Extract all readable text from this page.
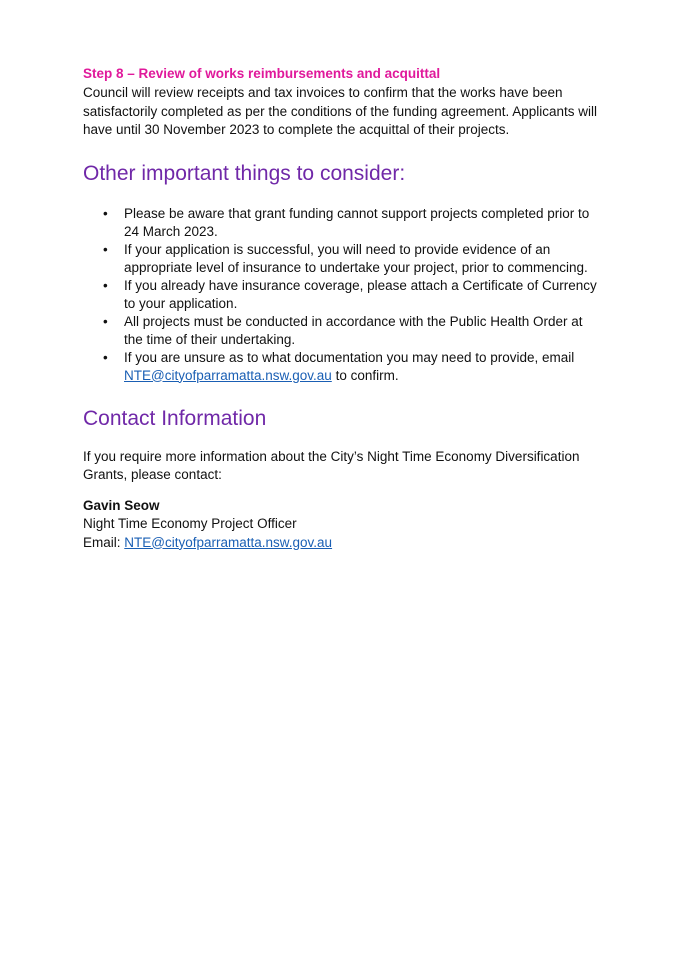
Step 8 – Review of works reimbursements and acquittal

Council will review receipts and tax invoices to confirm that the works have been satisfactorily completed as per the conditions of the funding agreement. Applicants will have until 30 November 2023 to complete the acquittal of their projects.

Other important things to consider:
• Please be aware that grant funding cannot support projects completed prior to 24 March 2023.
• If your application is successful, you will need to provide evidence of an appropriate level of insurance to undertake your project, prior to commencing.
• If you already have insurance coverage, please attach a Certificate of Currency to your application.
• All projects must be conducted in accordance with the Public Health Order at the time of their undertaking.
• If you are unsure as to what documentation you may need to provide, email NTE@cityofparramatta.nsw.gov.au to confirm.
Contact Information

If you require more information about the City’s Night Time Economy Diversification Grants, please contact:

Gavin Seow

Night Time Economy Project Officer

Email: NTE@cityofparramatta.nsw.gov.au
